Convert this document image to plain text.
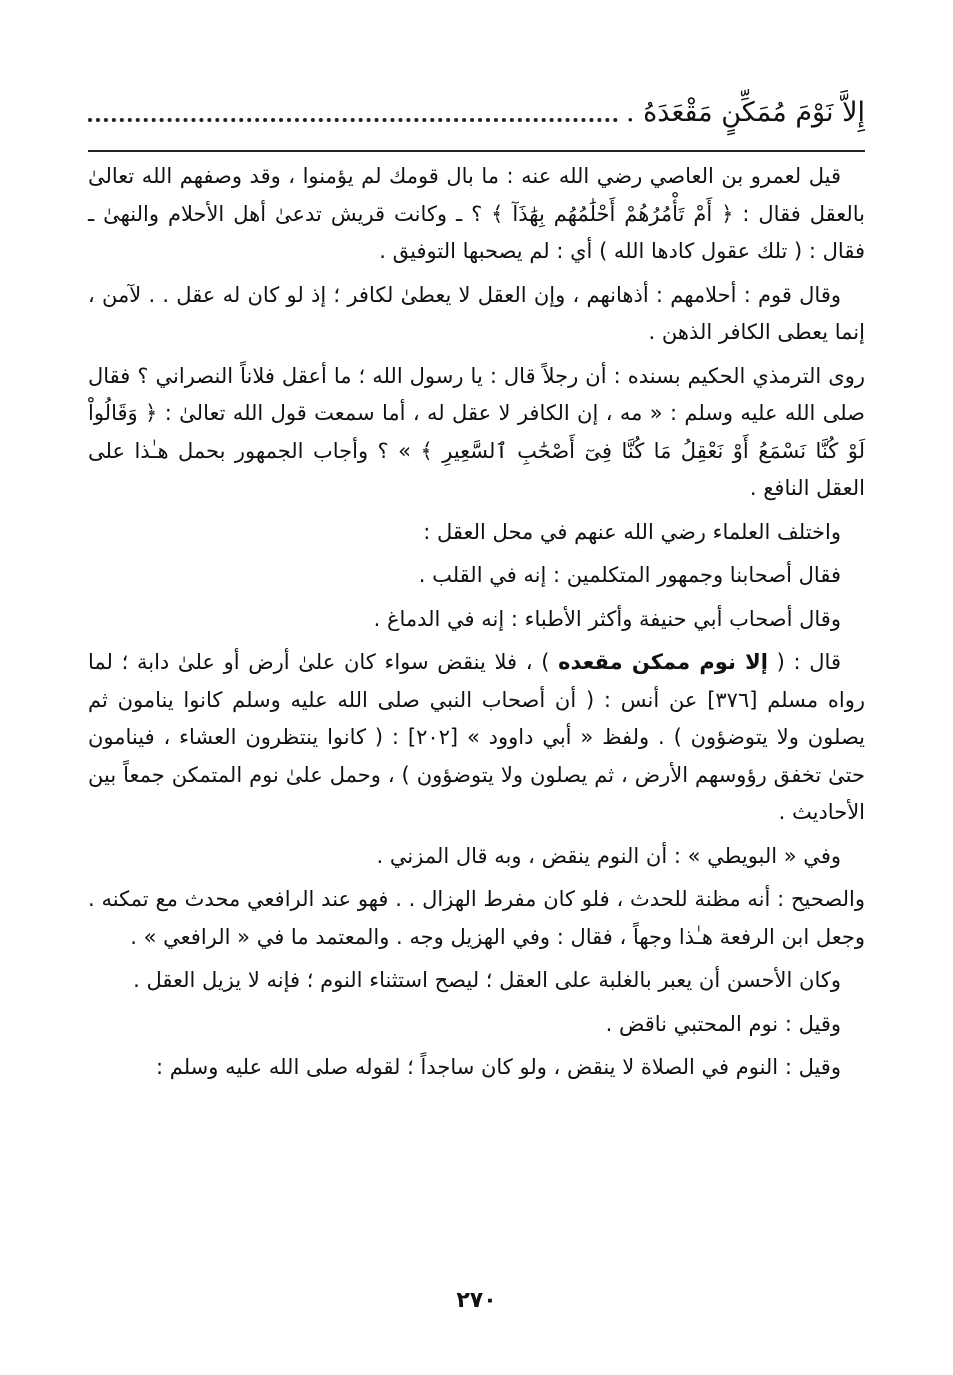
إِلاَّ نَوْمَ مُمَكِّنٍ مَقْعَدَهُ .

قيل لعمرو بن العاصي رضي الله عنه : ما بال قومك لم يؤمنوا ، وقد وصفهم الله تعالىٰ بالعقل فقال : ﴿ أَمْ تَأْمُرُهُمْ أَحْلَٰمُهُم بِهَٰذَآ ﴾ ؟ ـ وكانت قريش تدعىٰ أهل الأحلام والنهىٰ ـ فقال : ( تلك عقول كادها الله ) أي : لم يصحبها التوفيق .

وقال قوم : أحلامهم : أذهانهم ، وإن العقل لا يعطىٰ لكافر ؛ إذ لو كان له عقل . . لآمن ، إنما يعطى الكافر الذهن .

روى الترمذي الحكيم بسنده : أن رجلاً قال : يا رسول الله ؛ ما أعقل فلاناً النصراني ؟ فقال صلى الله عليه وسلم : « مه ، إن الكافر لا عقل له ، أما سمعت قول الله تعالىٰ : ﴿ وَقَالُواْ لَوْ كُنَّا نَسْمَعُ أَوْ نَعْقِلُ مَا كُنَّا فِىٓ أَصْحَٰبِ ٱلسَّعِيرِ ﴾ » ؟ وأجاب الجمهور بحمل هـٰذا على العقل النافع .

واختلف العلماء رضي الله عنهم في محل العقل :

فقال أصحابنا وجمهور المتكلمين : إنه في القلب .

وقال أصحاب أبي حنيفة وأكثر الأطباء : إنه في الدماغ .

قال : ( إلا نوم ممكن مقعده ) ، فلا ينقض سواء كان علىٰ أرض أو علىٰ دابة ؛ لما رواه مسلم [٣٧٦] عن أنس : ( أن أصحاب النبي صلى الله عليه وسلم كانوا ينامون ثم يصلون ولا يتوضؤون ) . ولفظ « أبي داوود » [٢٠٢] : ( كانوا ينتظرون العشاء ، فينامون حتىٰ تخفق رؤوسهم الأرض ، ثم يصلون ولا يتوضؤون ) ، وحمل علىٰ نوم المتمكن جمعاً بين الأحاديث .

وفي « البويطي » : أن النوم ينقض ، وبه قال المزني .

والصحيح : أنه مظنة للحدث ، فلو كان مفرط الهزال . . فهو عند الرافعي محدث مع تمكنه . وجعل ابن الرفعة هـٰذا وجهاً ، فقال : وفي الهزيل وجه . والمعتمد ما في « الرافعي » .

وكان الأحسن أن يعبر بالغلبة على العقل ؛ ليصح استثناء النوم ؛ فإنه لا يزيل العقل .

وقيل : نوم المحتبي ناقض .

وقيل : النوم في الصلاة لا ينقض ، ولو كان ساجداً ؛ لقوله صلى الله عليه وسلم :

٢٧٠
